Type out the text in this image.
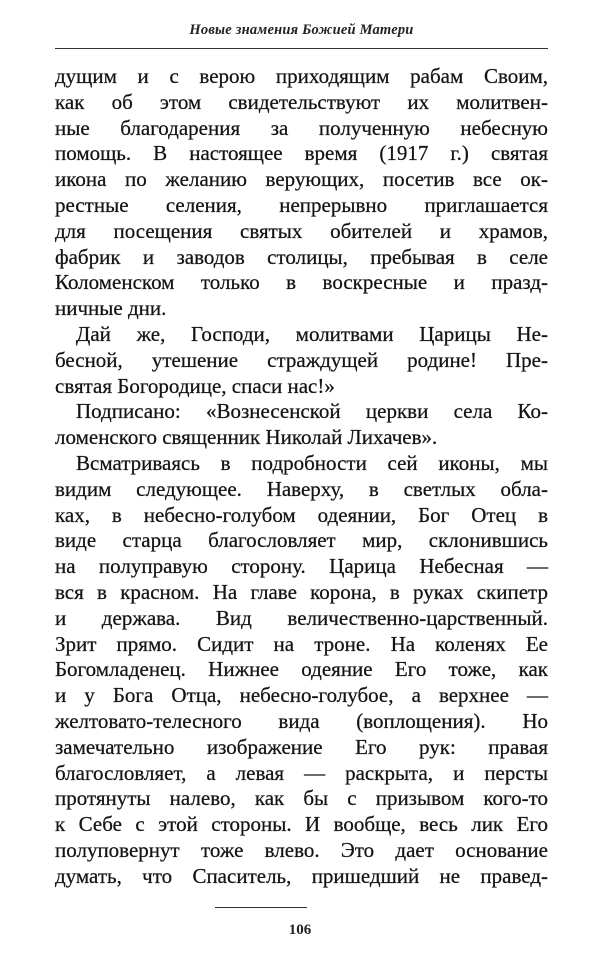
Новые знамения Божией Матери
дущим и с верою приходящим рабам Своим,
как об этом свидетельствуют их молитвен-
ные благодарения за полученную небесную
помощь. В настоящее время (1917 г.) святая
икона по желанию верующих, посетив все ок-
рестные селения, непрерывно приглашается
для посещения святых обителей и храмов,
фабрик и заводов столицы, пребывая в селе
Коломенском только в воскресные и празд-
ничные дни.
Дай же, Господи, молитвами Царицы Не-
бесной, утешение страждущей родине! Пре-
святая Богородице, спаси нас!»
Подписано: «Вознесенской церкви села Ко-
ломенского священник Николай Лихачев».
Всматриваясь в подробности сей иконы, мы
видим следующее. Наверху, в светлых обла-
ках, в небесно-голубом одеянии, Бог Отец в
виде старца благословляет мир, склонившись
на полуправую сторону. Царица Небесная —
вся в красном. На главе корона, в руках скипетр
и держава. Вид величественно-царственный.
Зрит прямо. Сидит на троне. На коленях Ее
Богомладенец. Нижнее одеяние Его тоже, как
и у Бога Отца, небесно-голубое, а верхнее —
желтовато-телесного вида (воплощения). Но
замечательно изображение Его рук: правая
благословляет, а левая — раскрыта, и персты
протянуты налево, как бы с призывом кого-то
к Себе с этой стороны. И вообще, весь лик Его
полуповернут тоже влево. Это дает основание
думать, что Спаситель, пришедший не правед-
106
